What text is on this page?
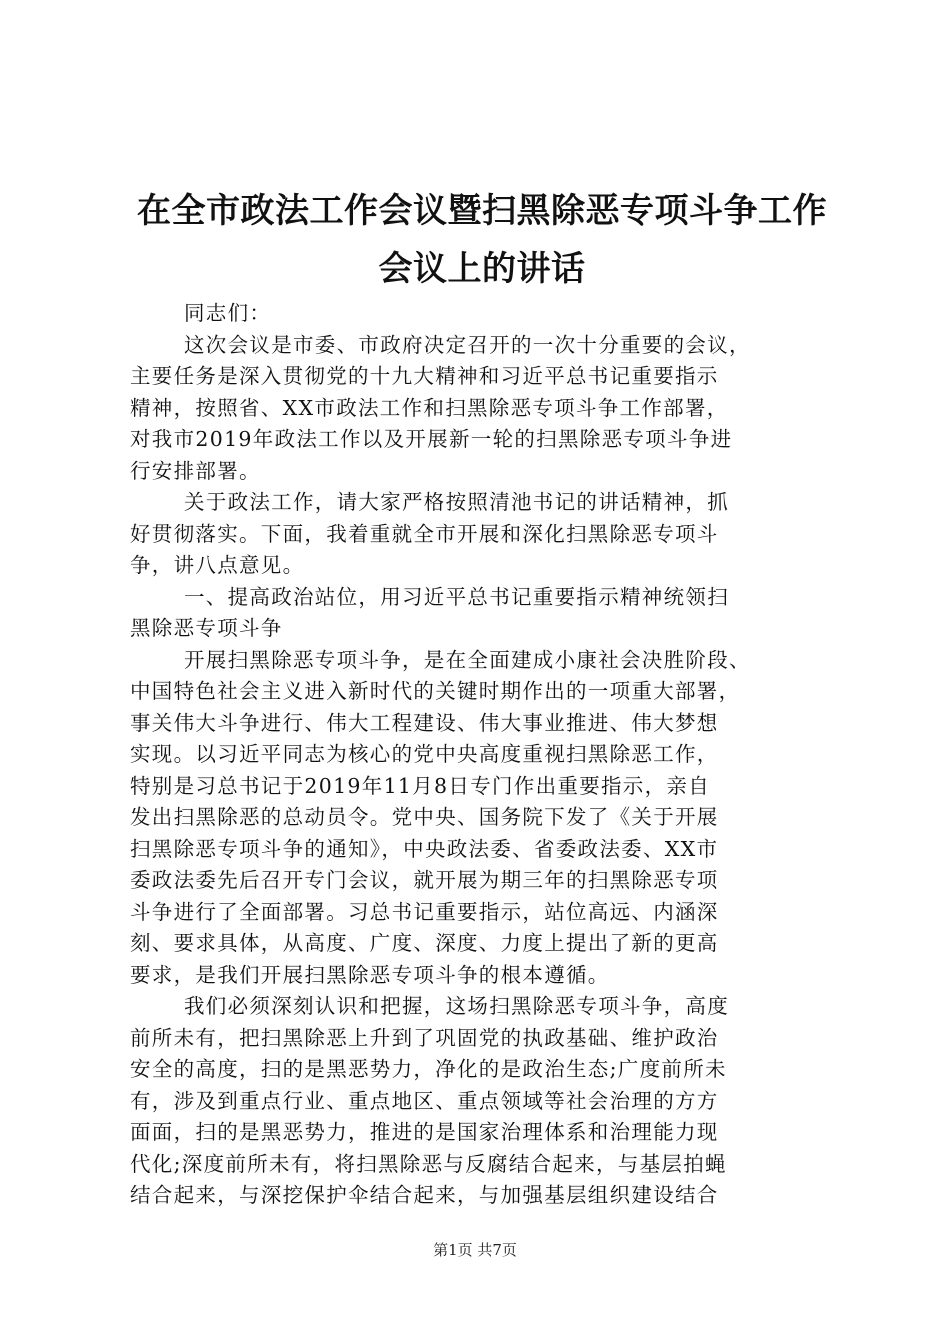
在全市政法工作会议暨扫黑除恶专项斗争工作
会议上的讲话
同志们：
这次会议是市委、市政府决定召开的一次十分重要的会议，
主要任务是深入贯彻党的十九大精神和习近平总书记重要指示
精神，按照省、XX市政法工作和扫黑除恶专项斗争工作部署，
对我市2019年政法工作以及开展新一轮的扫黑除恶专项斗争进
行安排部署。
关于政法工作，请大家严格按照清池书记的讲话精神，抓
好贯彻落实。下面，我着重就全市开展和深化扫黑除恶专项斗
争，讲八点意见。
一、提高政治站位，用习近平总书记重要指示精神统领扫
黑除恶专项斗争
开展扫黑除恶专项斗争，是在全面建成小康社会决胜阶段、
中国特色社会主义进入新时代的关键时期作出的一项重大部署，
事关伟大斗争进行、伟大工程建设、伟大事业推进、伟大梦想
实现。以习近平同志为核心的党中央高度重视扫黑除恶工作，
特别是习总书记于2019年11月8日专门作出重要指示，亲自
发出扫黑除恶的总动员令。党中央、国务院下发了《关于开展
扫黑除恶专项斗争的通知》，中央政法委、省委政法委、XX市
委政法委先后召开专门会议，就开展为期三年的扫黑除恶专项
斗争进行了全面部署。习总书记重要指示，站位高远、内涵深
刻、要求具体，从高度、广度、深度、力度上提出了新的更高
要求，是我们开展扫黑除恶专项斗争的根本遵循。
我们必须深刻认识和把握，这场扫黑除恶专项斗争，高度
前所未有，把扫黑除恶上升到了巩固党的执政基础、维护政治
安全的高度，扫的是黑恶势力，净化的是政治生态;广度前所未
有，涉及到重点行业、重点地区、重点领域等社会治理的方方
面面，扫的是黑恶势力，推进的是国家治理体系和治理能力现
代化;深度前所未有，将扫黑除恶与反腐结合起来，与基层拍蝇
结合起来，与深挖保护伞结合起来，与加强基层组织建设结合
第1页 共7页
